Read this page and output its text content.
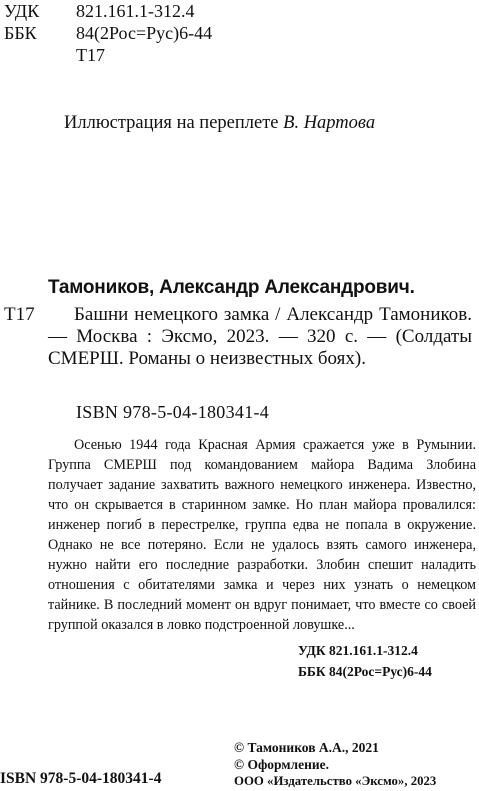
УДК 821.161.1-312.4
ББК 84(2Рос=Рус)6-44
Т17
Иллюстрация на переплете В. Нартова
Тамоников, Александр Александрович.
Т17	Башни немецкого замка / Александр Тамоников. — Москва : Эксмо, 2023. — 320 с. — (Солдаты СМЕРШ. Романы о неизвестных боях).
ISBN 978-5-04-180341-4

Осенью 1944 года Красная Армия сражается уже в Румынии. Группа СМЕРШ под командованием майора Вадима Злобина получает задание захватить важного немецкого инженера. Известно, что он скрывается в старинном замке. Но план майора провалился: инженер погиб в перестрелке, группа едва не попала в окружение. Однако не все потеряно. Если не удалось взять самого инженера, нужно найти его последние разработки. Злобин спешит наладить отношения с обитателями замка и через них узнать о немецком тайнике. В последний момент он вдруг понимает, что вместе со своей группой оказался в ловко подстроенной ловушке...

УДК 821.161.1-312.4
ББК 84(2Рос=Рус)6-44
© Тамоников А.А., 2021
© Оформление.
ISBN 978-5-04-180341-4	ООО «Издательство «Эксмо», 2023
